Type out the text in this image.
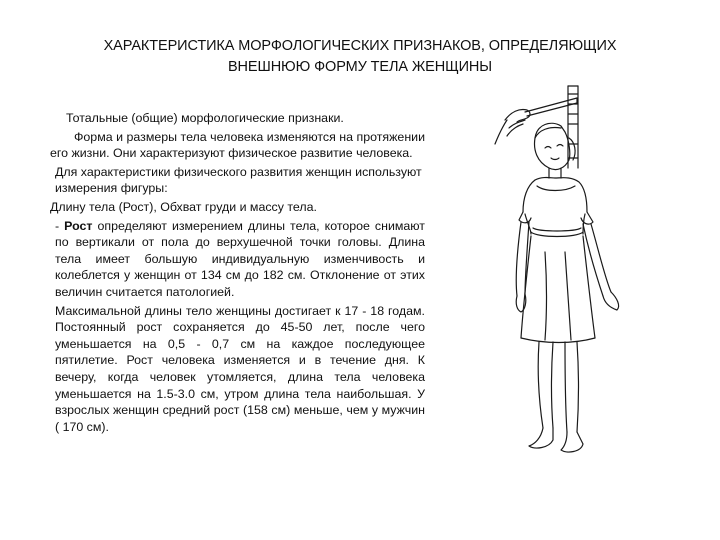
ХАРАКТЕРИСТИКА МОРФОЛОГИЧЕСКИХ ПРИЗНАКОВ, ОПРЕДЕЛЯЮЩИХ
ВНЕШНЮЮ ФОРМУ ТЕЛА ЖЕНЩИНЫ

Тотальные (общие) морфологические признаки.

Форма и размеры тела человека изменяются на протяжении его жизни. Они характеризуют физическое развитие человека.

Для характеристики физического развития женщин используют измерения фигуры:

Длину тела (Рост), Обхват груди и массу тела.

- Рост определяют измерением длины тела, которое снимают по вертикали от пола до верхушечной точки головы. Длина тела имеет большую индивидуальную изменчивость и колеблется у женщин от 134 см до 182 см. Отклонение от этих величин считается патологией.

Максимальной длины тело женщины достигает к 17 - 18 годам. Постоянный рост сохраняется до 45-50 лет, после чего уменьшается на 0,5 - 0,7 см на каждое последующее пятилетие. Рост человека изменяется и в течение дня. К вечеру, когда человек утомляется, длина тела человека уменьшается на 1.5-3.0 см, утром длина тела наибольшая. У взрослых женщин средний рост (158 см) меньше, чем у мужчин ( 170 см).
